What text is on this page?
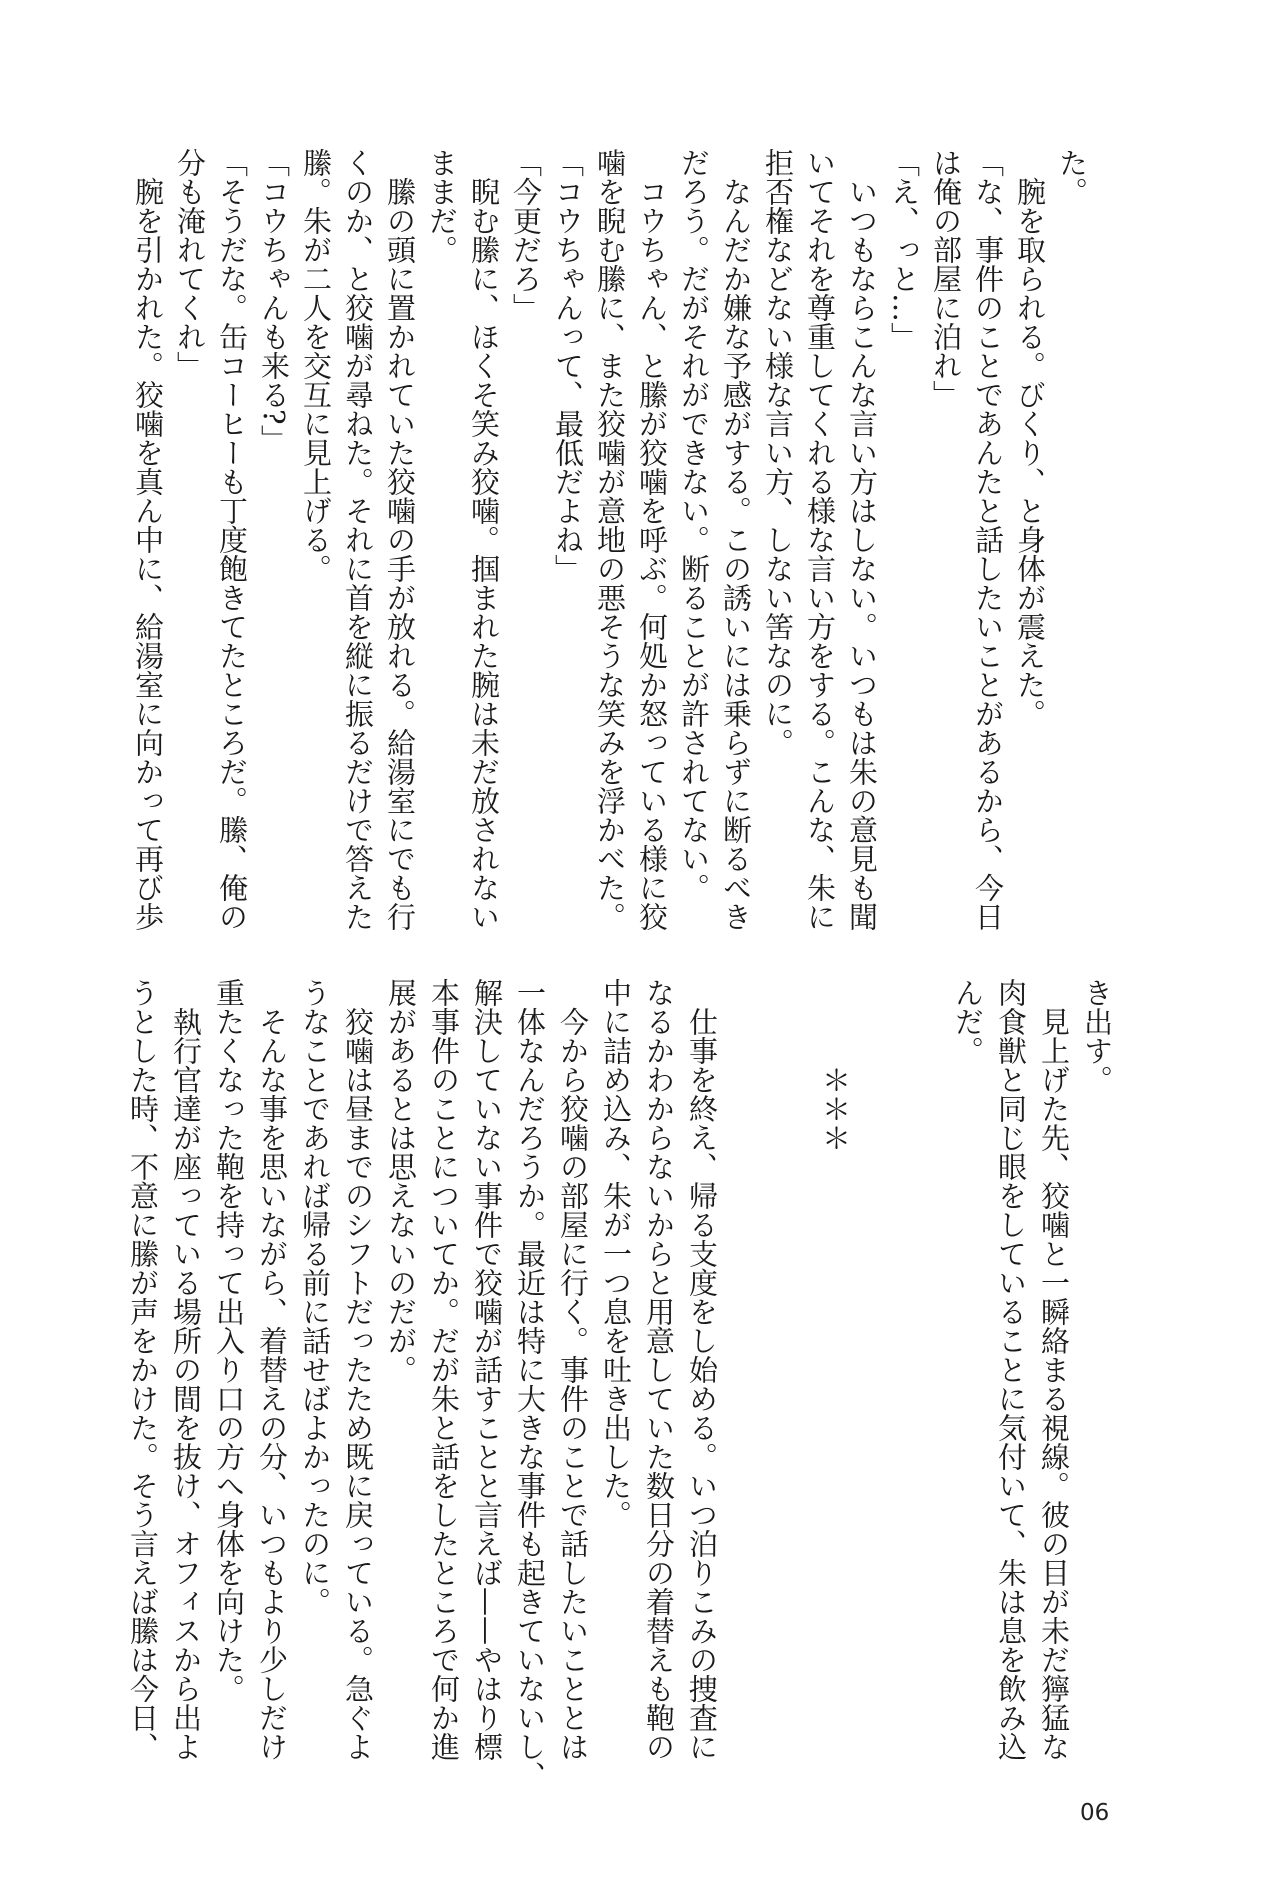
た。
　腕を取られる。びくり、と身体が震えた。
「な、事件のことであんたと話したいことがあるから、今日
は俺の部屋に泊れ」
「え、っと…」
　いつもならこんな言い方はしない。いつもは朱の意見も聞
いてそれを尊重してくれる様な言い方をする。こんな、朱に
拒否権などない様な言い方、しない筈なのに。
　なんだか嫌な予感がする。この誘いには乗らずに断るべき
だろう。だがそれができない。断ることが許されてない。
　コウちゃん、と縢が狡噛を呼ぶ。何処か怒っている様に狡
噛を睨む縢に、また狡噛が意地の悪そうな笑みを浮かべた。
「コウちゃんって、最低だよね」
「今更だろ」
　睨む縢に、ほくそ笑み狡噛。掴まれた腕は未だ放されない
ままだ。
　縢の頭に置かれていた狡噛の手が放れる。給湯室にでも行
くのか、と狡噛が尋ねた。それに首を縦に振るだけで答えた
縢。朱が二人を交互に見上げる。
「コウちゃんも来る?」
「そうだな。缶コーヒーも丁度飽きてたところだ。縢、俺の
分も淹れてくれ」
　腕を引かれた。狡噛を真ん中に、給湯室に向かって再び歩
き出す。
　見上げた先、狡噛と一瞬絡まる視線。彼の目が未だ獰猛な
肉食獣と同じ眼をしていることに気付いて、朱は息を飲み込
んだ。
　　　＊＊＊
　仕事を終え、帰る支度をし始める。いつ泊りこみの捜査に
なるかわからないからと用意していた数日分の着替えも鞄の
中に詰め込み、朱が一つ息を吐き出した。
　今から狡噛の部屋に行く。事件のことで話したいこととは
一体なんだろうか。最近は特に大きな事件も起きていないし、
解決していない事件で狡噛が話すことと言えば——やはり標
本事件のことについてか。だが朱と話をしたところで何か進
展があるとは思えないのだが。
　狡噛は昼までのシフトだったため既に戻っている。急ぐよ
うなことであれば帰る前に話せばよかったのに。
　そんな事を思いながら、着替えの分、いつもより少しだけ
重たくなった鞄を持って出入り口の方へ身体を向けた。
　執行官達が座っている場所の間を抜け、オフィスから出よ
うとした時、不意に縢が声をかけた。そう言えば縢は今日、
06
